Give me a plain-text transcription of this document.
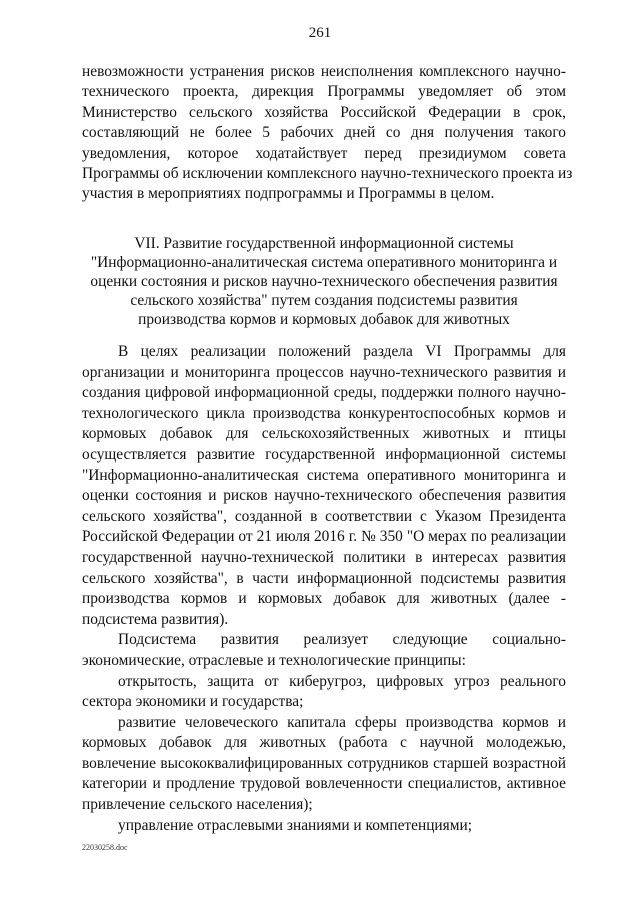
261
невозможности устранения рисков неисполнения комплексного научно-
технического проекта, дирекция Программы уведомляет об этом
Министерство сельского хозяйства Российской Федерации в срок,
составляющий не более 5 рабочих дней со дня получения такого
уведомления, которое ходатайствует перед президиумом совета
Программы об исключении комплексного научно-технического проекта из
участия в мероприятиях подпрограммы и Программы в целом.
VII. Развитие государственной информационной системы
"Информационно-аналитическая система оперативного мониторинга и
оценки состояния и рисков научно-технического обеспечения развития
сельского хозяйства" путем создания подсистемы развития
производства кормов и кормовых добавок для животных
В целях реализации положений раздела VI Программы для
организации и мониторинга процессов научно-технического развития и
создания цифровой информационной среды, поддержки полного научно-
технологического цикла производства конкурентоспособных кормов и
кормовых добавок для сельскохозяйственных животных и птицы
осуществляется развитие государственной информационной системы
"Информационно-аналитическая система оперативного мониторинга и
оценки состояния и рисков научно-технического обеспечения развития
сельского хозяйства", созданной в соответствии с Указом Президента
Российской Федерации от 21 июля 2016 г. № 350 "О мерах по реализации
государственной научно-технической политики в интересах развития
сельского хозяйства", в части информационной подсистемы развития
производства кормов и кормовых добавок для животных (далее -
подсистема развития).
Подсистема развития реализует следующие социально-
экономические, отраслевые и технологические принципы:
открытость, защита от киберугроз, цифровых угроз реального
сектора экономики и государства;
развитие человеческого капитала сферы производства кормов и
кормовых добавок для животных (работа с научной молодежью,
вовлечение высококвалифицированных сотрудников старшей возрастной
категории и продление трудовой вовлеченности специалистов, активное
привлечение сельского населения);
управление отраслевыми знаниями и компетенциями;
22030258.doc
